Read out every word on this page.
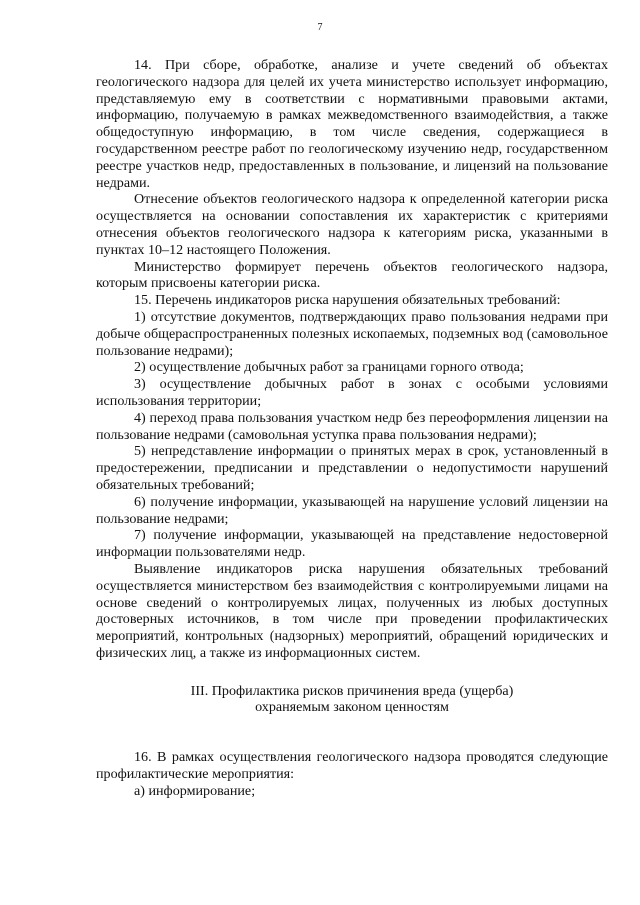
7

14. При сборе, обработке, анализе и учете сведений об объектах геологического надзора для целей их учета министерство использует информацию, представляемую ему в соответствии с нормативными правовыми актами, информацию, получаемую в рамках межведомственного взаимодействия, а также общедоступную информацию, в том числе сведения, содержащиеся в государственном реестре работ по геологическому изучению недр, государственном реестре участков недр, предоставленных в пользование, и лицензий на пользование недрами.

Отнесение объектов геологического надзора к определенной категории риска осуществляется на основании сопоставления их характеристик с критериями отнесения объектов геологического надзора к категориям риска, указанными в пунктах 10–12 настоящего Положения.

Министерство формирует перечень объектов геологического надзора, которым присвоены категории риска.

15. Перечень индикаторов риска нарушения обязательных требований:

1) отсутствие документов, подтверждающих право пользования недрами при добыче общераспространенных полезных ископаемых, подземных вод (самовольное пользование недрами);

2) осуществление добычных работ за границами горного отвода;

3) осуществление добычных работ в зонах с особыми условиями использования территории;

4) переход права пользования участком недр без переоформления лицензии на пользование недрами (самовольная уступка права пользования недрами);

5) непредставление информации о принятых мерах в срок, установленный в предостережении, предписании и представлении о недопустимости нарушений обязательных требований;

6) получение информации, указывающей на нарушение условий лицензии на пользование недрами;

7) получение информации, указывающей на представление недостоверной информации пользователями недр.

Выявление индикаторов риска нарушения обязательных требований осуществляется министерством без взаимодействия с контролируемыми лицами на основе сведений о контролируемых лицах, полученных из любых доступных достоверных источников, в том числе при проведении профилактических мероприятий, контрольных (надзорных) мероприятий, обращений юридических и физических лиц, а также из информационных систем.

III. Профилактика рисков причинения вреда (ущерба)
охраняемым законом ценностям

16. В рамках осуществления геологического надзора проводятся следующие профилактические мероприятия:

а) информирование;
